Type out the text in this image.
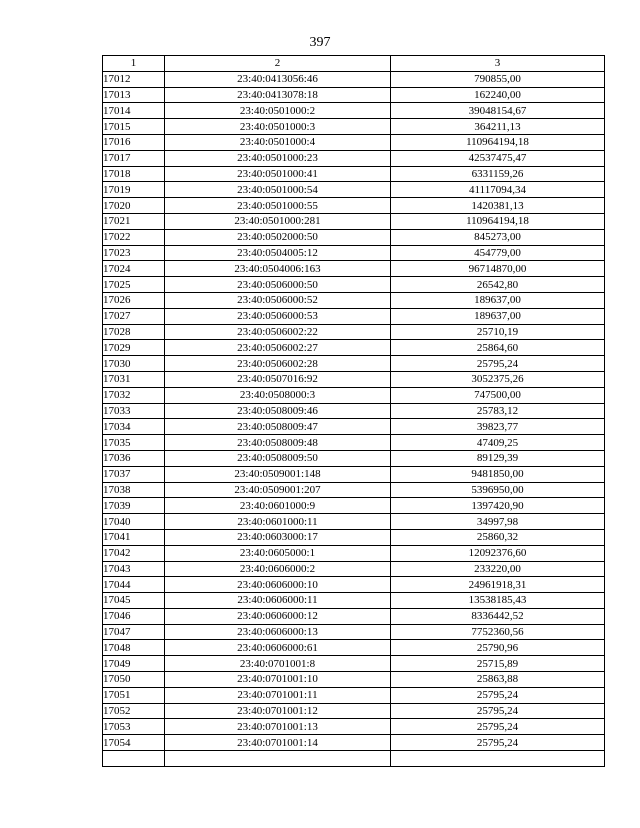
397
1	2	3
17012	23:40:0413056:46	790855,00
17013	23:40:0413078:18	162240,00
17014	23:40:0501000:2	39048154,67
17015	23:40:0501000:3	364211,13
17016	23:40:0501000:4	110964194,18
17017	23:40:0501000:23	42537475,47
17018	23:40:0501000:41	6331159,26
17019	23:40:0501000:54	41117094,34
17020	23:40:0501000:55	1420381,13
17021	23:40:0501000:281	110964194,18
17022	23:40:0502000:50	845273,00
17023	23:40:0504005:12	454779,00
17024	23:40:0504006:163	96714870,00
17025	23:40:0506000:50	26542,80
17026	23:40:0506000:52	189637,00
17027	23:40:0506000:53	189637,00
17028	23:40:0506002:22	25710,19
17029	23:40:0506002:27	25864,60
17030	23:40:0506002:28	25795,24
17031	23:40:0507016:92	3052375,26
17032	23:40:0508000:3	747500,00
17033	23:40:0508009:46	25783,12
17034	23:40:0508009:47	39823,77
17035	23:40:0508009:48	47409,25
17036	23:40:0508009:50	89129,39
17037	23:40:0509001:148	9481850,00
17038	23:40:0509001:207	5396950,00
17039	23:40:0601000:9	1397420,90
17040	23:40:0601000:11	34997,98
17041	23:40:0603000:17	25860,32
17042	23:40:0605000:1	12092376,60
17043	23:40:0606000:2	233220,00
17044	23:40:0606000:10	24961918,31
17045	23:40:0606000:11	13538185,43
17046	23:40:0606000:12	8336442,52
17047	23:40:0606000:13	7752360,56
17048	23:40:0606000:61	25790,96
17049	23:40:0701001:8	25715,89
17050	23:40:0701001:10	25863,88
17051	23:40:0701001:11	25795,24
17052	23:40:0701001:12	25795,24
17053	23:40:0701001:13	25795,24
17054	23:40:0701001:14	25795,24
